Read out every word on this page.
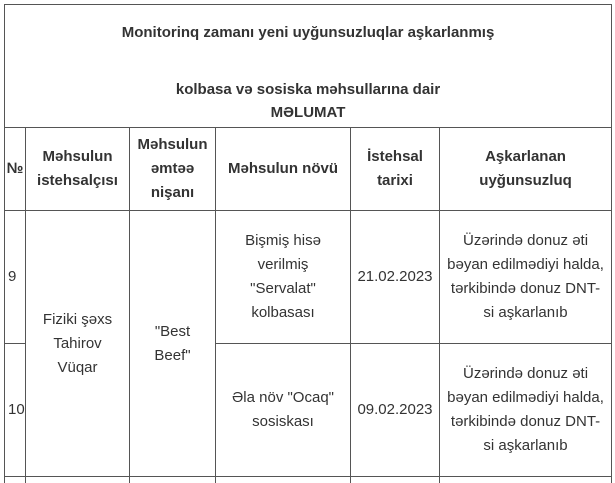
Monitorinq zamanı yeni uyğunsuzluqlar aşkarlanmış
kolbasa və sosiska məhsullarına dair
MƏLUMAT					

№	Məhsulun istehsalçısı	Məhsulun əmtəə nişanı	Məhsulun növü	İstehsal tarixi	Aşkarlanan uyğunsuzluq
9	Fiziki şəxs Tahirov Vüqar	"Best Beef"	Bişmiş hisə verilmiş "Servalat" kolbasası	21.02.2023	Üzərində donuz əti bəyan edilmədiyi halda, tərkibində donuz DNT-si aşkarlanıb
10			Əla növ "Ocaq" sosiskası	09.02.2023	Üzərində donuz əti bəyan edilmədiyi halda, tərkibində donuz DNT-si aşkarlanıb
